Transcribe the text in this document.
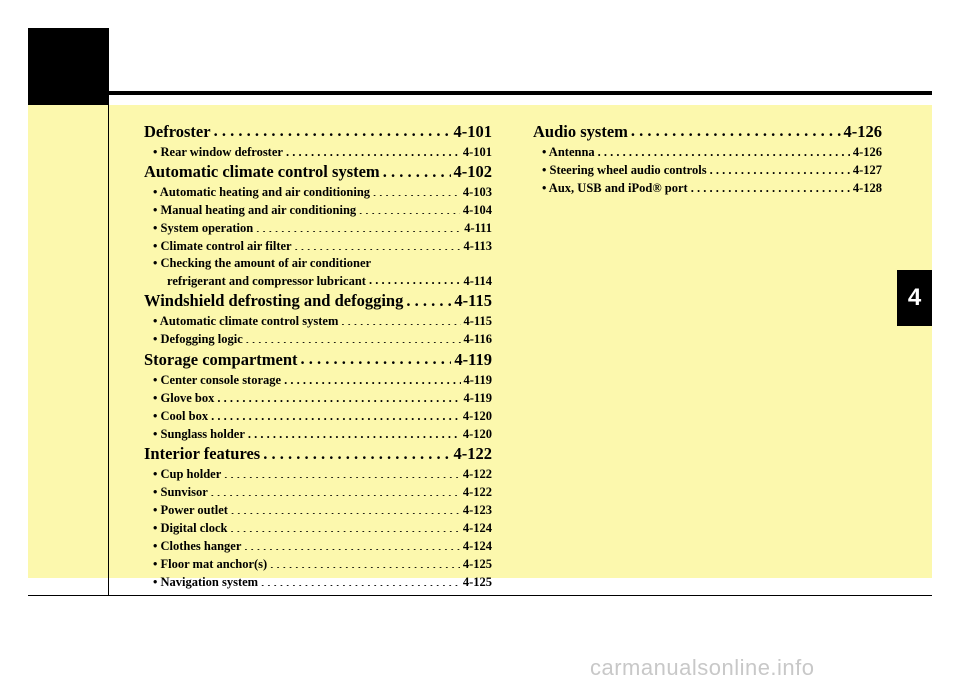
4
Defroster . . .	4-101
• Rear window defroster . . .	4-101
Automatic climate control system . . .	4-102
• Automatic heating and air conditioning . . .	4-103
• Manual heating and air conditioning . . .	4-104
• System operation . . .	4-111
• Climate control air filter . . .	4-113
• Checking the amount of air conditioner
refrigerant and compressor lubricant . . .	4-114
Windshield defrosting and defogging . . .	4-115
• Automatic climate control system . . .	4-115
• Defogging logic . . .	4-116
Storage compartment . . .	4-119
• Center console storage . . .	4-119
• Glove box . . .	4-119
• Cool box . . .	4-120
• Sunglass holder . . .	4-120
Interior features . . .	4-122
• Cup holder . . .	4-122
• Sunvisor . . .	4-122
• Power outlet . . .	4-123
• Digital clock . . .	4-124
• Clothes hanger . . .	4-124
• Floor mat anchor(s) . . .	4-125
• Navigation system . . .	4-125
Audio system . . .	4-126
• Antenna . . .	4-126
• Steering wheel audio controls . . .	4-127
• Aux, USB and iPod® port . . .	4-128
carmanualsonline.info
